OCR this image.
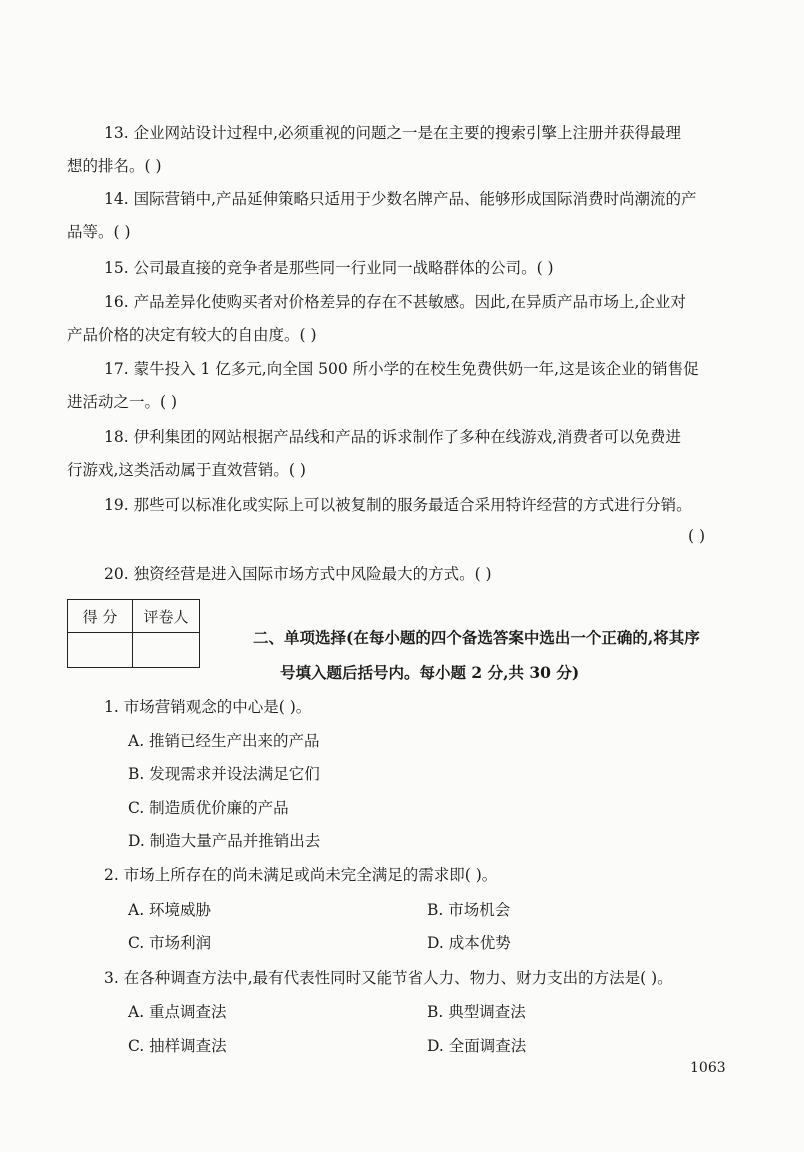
13. 企业网站设计过程中,必须重视的问题之一是在主要的搜索引擎上注册并获得最理
想的排名。( )
14. 国际营销中,产品延伸策略只适用于少数名牌产品、能够形成国际消费时尚潮流的产
品等。( )
15. 公司最直接的竞争者是那些同一行业同一战略群体的公司。( )
16. 产品差异化使购买者对价格差异的存在不甚敏感。因此,在异质产品市场上,企业对
产品价格的决定有较大的自由度。( )
17. 蒙牛投入 1 亿多元,向全国 500 所小学的在校生免费供奶一年,这是该企业的销售促
进活动之一。( )
18. 伊利集团的网站根据产品线和产品的诉求制作了多种在线游戏,消费者可以免费进
行游戏,这类活动属于直效营销。( )
19. 那些可以标准化或实际上可以被复制的服务最适合采用特许经营的方式进行分销。
( )
20. 独资经营是进入国际市场方式中风险最大的方式。( )
得 分	评卷人

二、单项选择(在每小题的四个备选答案中选出一个正确的,将其序
号填入题后括号内。每小题 2 分,共 30 分)
1. 市场营销观念的中心是( )。
A. 推销已经生产出来的产品
B. 发现需求并设法满足它们
C. 制造质优价廉的产品
D. 制造大量产品并推销出去
2. 市场上所存在的尚未满足或尚未完全满足的需求即( )。
A. 环境威胁	B. 市场机会
C. 市场利润	D. 成本优势
3. 在各种调查方法中,最有代表性同时又能节省人力、物力、财力支出的方法是( )。
A. 重点调查法	B. 典型调查法
C. 抽样调查法	D. 全面调查法
1063
